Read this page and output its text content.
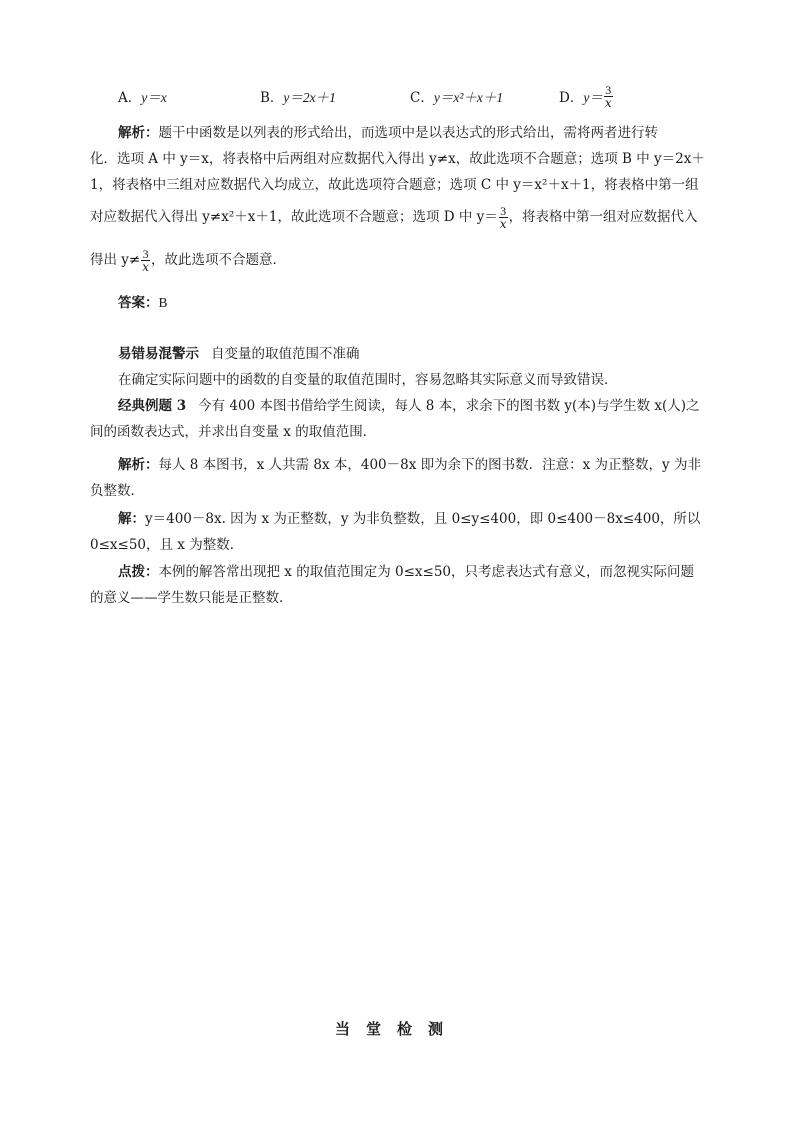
A． y＝x	B． y＝2x＋1	C． y＝x²＋x＋1	D． $y= \frac{3}{x}$
解析：题干中函数是以列表的形式给出，而选项中是以表达式的形式给出，需将两者进行转
化．选项 A 中 y＝x，将表格中后两组对应数据代入得出 y≠x，故此选项不合题意；选项 B 中 y＝2x＋
1，将表格中三组对应数据代入均成立，故此选项符合题意；选项 C 中 y＝x²＋x＋1，将表格中第一组
对应数据代入得出 y≠x²＋x＋1，故此选项不合题意；选项 D 中 $y= \frac{3}{x}$ ，将表格中第一组对应数据代入
得出 $y\ne \frac{3}{x}$ ，故此选项不合题意．
答案：B
易错易混警示 自变量的取值范围不准确
在确定实际问题中的函数的自变量的取值范围时，容易忽略其实际意义而导致错误．
经典例题 3 今有 400 本图书借给学生阅读，每人 8 本，求余下的图书数 y(本)与学生数 x(人)之
间的函数表达式，并求出自变量 x 的取值范围．
解析：每人 8 本图书，x 人共需 8x 本，400－8x 即为余下的图书数．注意：x 为正整数，y 为非
负整数．
解：y＝400－8x. 因为 x 为正整数，y 为非负整数，且 0≤y≤400，即 0≤400－8x≤400，所以
0≤x≤50，且 x 为整数．
点拨：本例的解答常出现把 x 的取值范围定为 0≤x≤50，只考虑表达式有意义，而忽视实际问题
的意义——学生数只能是正整数．
当堂检测
